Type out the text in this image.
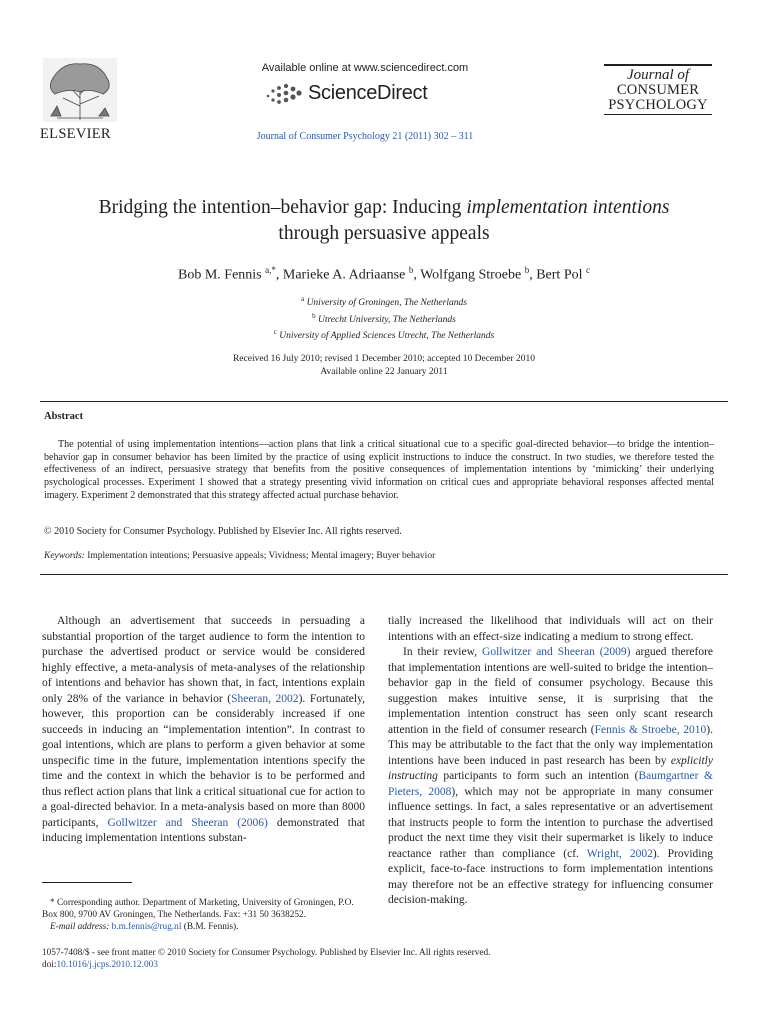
ELSEVIER
Available online at www.sciencedirect.com
ScienceDirect
Journal of Consumer Psychology 21 (2011) 302 – 311
Journal of
CONSUMER
PSYCHOLOGY
Bridging the intention–behavior gap: Inducing implementation intentions
through persuasive appeals
Bob M. Fennis $^{a,*}$, Marieke A. Adriaanse $^b$, Wolfgang Stroebe $^b$, Bert Pol $^c$
$^a$ University of Groningen, The Netherlands
$^b$ Utrecht University, The Netherlands
$^c$ University of Applied Sciences Utrecht, The Netherlands
Received 16 July 2010; revised 1 December 2010; accepted 10 December 2010
Available online 22 January 2011
Abstract

The potential of using implementation intentions—action plans that link a critical situational cue to a specific goal-directed behavior—to bridge the intention–behavior gap in consumer behavior has been limited by the practice of using explicit instructions to induce the construct. In two studies, we therefore tested the effectiveness of an indirect, persuasive strategy that benefits from the positive consequences of implementation intentions by ‘mimicking’ their underlying psychological processes. Experiment 1 showed that a strategy presenting vivid information on critical cues and appropriate behavioral responses affected mental imagery. Experiment 2 demonstrated that this strategy affected actual purchase behavior.

© 2010 Society for Consumer Psychology. Published by Elsevier Inc. All rights reserved.
Keywords: Implementation intentions; Persuasive appeals; Vividness; Mental imagery; Buyer behavior

Although an advertisement that succeeds in persuading a substantial proportion of the target audience to form the intention to purchase the advertised product or service would be considered highly effective, a meta-analysis of meta-analyses of the relationship of intentions and behavior has shown that, in fact, intentions explain only 28% of the variance in behavior (Sheeran, 2002). Fortunately, however, this proportion can be considerably increased if one succeeds in inducing an “implementation intention”. In contrast to goal intentions, which are plans to perform a given behavior at some unspecific time in the future, implementation intentions specify the time and the context in which the behavior is to be performed and thus reflect action plans that link a critical situational cue for action to a goal-directed behavior. In a meta-analysis based on more than 8000 participants, Gollwitzer and Sheeran (2006) demonstrated that inducing implementation intentions substan-

tially increased the likelihood that individuals will act on their intentions with an effect-size indicating a medium to strong effect.

In their review, Gollwitzer and Sheeran (2009) argued therefore that implementation intentions are well-suited to bridge the intention–behavior gap in the field of consumer psychology. Because this suggestion makes intuitive sense, it is surprising that the implementation intention construct has seen only scant research attention in the field of consumer research (Fennis & Stroebe, 2010). This may be attributable to the fact that the only way implementation intentions have been induced in past research has been by explicitly instructing participants to form such an intention (Baumgartner & Pieters, 2008), which may not be appropriate in many consumer influence settings. In fact, a sales representative or an advertisement that instructs people to form the intention to purchase the advertised product the next time they visit their supermarket is likely to induce reactance rather than compliance (cf. Wright, 2002). Providing explicit, face-to-face instructions to form implementation intentions may therefore not be an effective strategy for influencing consumer decision-making.

* Corresponding author. Department of Marketing, University of Groningen, P.O. Box 800, 9700 AV Groningen, The Netherlands. Fax: +31 50 3638252.
E-mail address: b.m.fennis@rug.nl (B.M. Fennis).
1057-7408/$ - see front matter © 2010 Society for Consumer Psychology. Published by Elsevier Inc. All rights reserved.
doi:10.1016/j.jcps.2010.12.003
